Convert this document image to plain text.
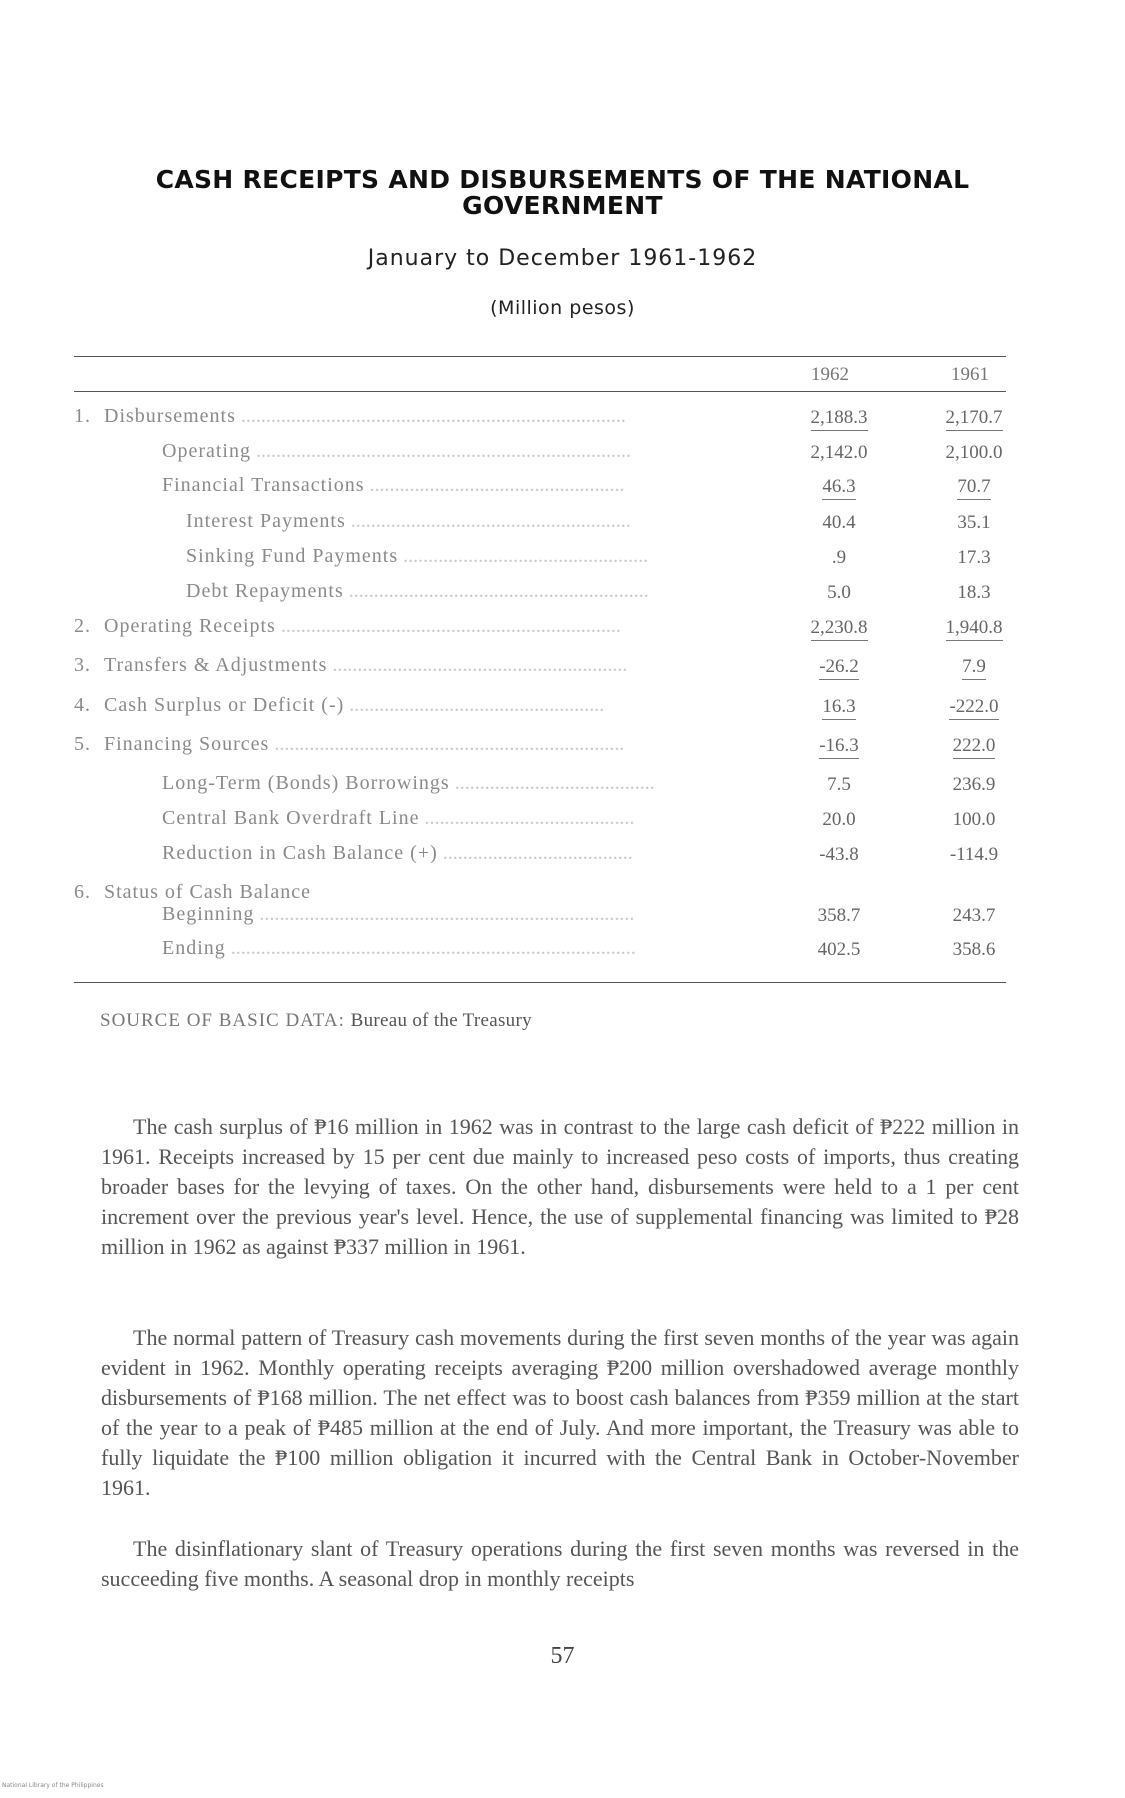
CASH RECEIPTS AND DISBURSEMENTS OF THE NATIONAL
GOVERNMENT
January to December 1961-1962
(Million pesos)
1962	1961
1. Disbursements .............................................................................	2,188.3	2,170.7
Operating ...........................................................................	2,142.0	2,100.0
Financial Transactions ...................................................	46.3	70.7
Interest Payments ........................................................	40.4	35.1
Sinking Fund Payments .................................................	.9	17.3
Debt Repayments ............................................................	5.0	18.3
2. Operating Receipts ....................................................................	2,230.8	1,940.8
3. Transfers & Adjustments ...........................................................	-26.2	7.9
4. Cash Surplus or Deficit (-) ...................................................	16.3	-222.0
5. Financing Sources ......................................................................	-16.3	222.0
Long-Term (Bonds) Borrowings ........................................	7.5	236.9
Central Bank Overdraft Line ..........................................	20.0	100.0
Reduction in Cash Balance (+) ......................................	-43.8	-114.9
6. Status of Cash Balance
Beginning ...........................................................................	358.7	243.7
Ending .................................................................................	402.5	358.6
SOURCE OF BASIC DATA: Bureau of the Treasury
The cash surplus of ₱16 million in 1962 was in contrast to the large cash deficit of ₱222 million in 1961. Receipts increased by 15 per cent due mainly to increased peso costs of imports, thus creating broader bases for the levying of taxes. On the other hand, disbursements were held to a 1 per cent increment over the previous year's level. Hence, the use of supplemental financing was limited to ₱28 million in 1962 as against ₱337 million in 1961.
The normal pattern of Treasury cash movements during the first seven months of the year was again evident in 1962. Monthly operating receipts averaging ₱200 million overshadowed average monthly disbursements of ₱168 million. The net effect was to boost cash balances from ₱359 million at the start of the year to a peak of ₱485 million at the end of July. And more important, the Treasury was able to fully liquidate the ₱100 million obligation it incurred with the Central Bank in October-November 1961.
The disinflationary slant of Treasury operations during the first seven months was reversed in the succeeding five months. A seasonal drop in monthly receipts
57
National Library of the Philippines
